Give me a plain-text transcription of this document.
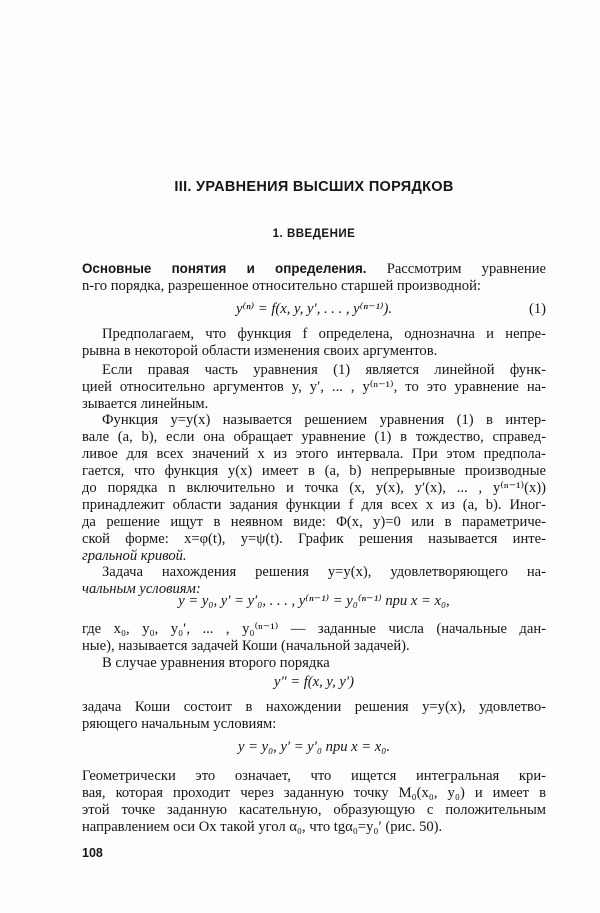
III. УРАВНЕНИЯ ВЫСШИХ ПОРЯДКОВ
1. ВВЕДЕНИЕ
Основные понятия и определения. Рассмотрим уравнение
n-го порядка, разрешенное относительно старшей производной:
y⁽ⁿ⁾ = f(x, y, y′, . . . , y⁽ⁿ⁻¹⁾).	(1)
Предполагаем, что функция f определена, однозначна и непре-
рывна в некоторой области изменения своих аргументов.
Если правая часть уравнения (1) является линейной функ-
цией относительно аргументов y, y′, ... , y⁽ⁿ⁻¹⁾, то это уравнение на-
зывается линейным.
Функция y=y(x) называется решением уравнения (1) в интер-
вале (a, b), если она обращает уравнение (1) в тождество, справед-
ливое для всех значений x из этого интервала. При этом предпола-
гается, что функция y(x) имеет в (a, b) непрерывные производные
до порядка n включительно и точка (x, y(x), y′(x), ... , y⁽ⁿ⁻¹⁾(x))
принадлежит области задания функции f для всех x из (a, b). Иног-
да решение ищут в неявном виде: Φ(x, y)=0 или в параметриче-
ской форме: x=φ(t), y=ψ(t). График решения называется инте-
гральной кривой.
Задача нахождения решения y=y(x), удовлетворяющего на-
чальным условиям:
y = y₀, y′ = y′₀, . . . , y⁽ⁿ⁻¹⁾ = y₀⁽ⁿ⁻¹⁾ при x = x₀,
где x₀, y₀, y₀′, ... , y₀⁽ⁿ⁻¹⁾ — заданные числа (начальные дан-
ные), называется задачей Коши (начальной задачей).
В случае уравнения второго порядка
y″ = f(x, y, y′)
задача Коши состоит в нахождении решения y=y(x), удовлетво-
ряющего начальным условиям:
y = y₀, y′ = y′₀ при x = x₀.
Геометрически это означает, что ищется интегральная кри-
вая, которая проходит через заданную точку M₀(x₀, y₀) и имеет в
этой точке заданную касательную, образующую с положительным
направлением оси Ox такой угол α₀, что tgα₀=y₀′ (рис. 50).
108
